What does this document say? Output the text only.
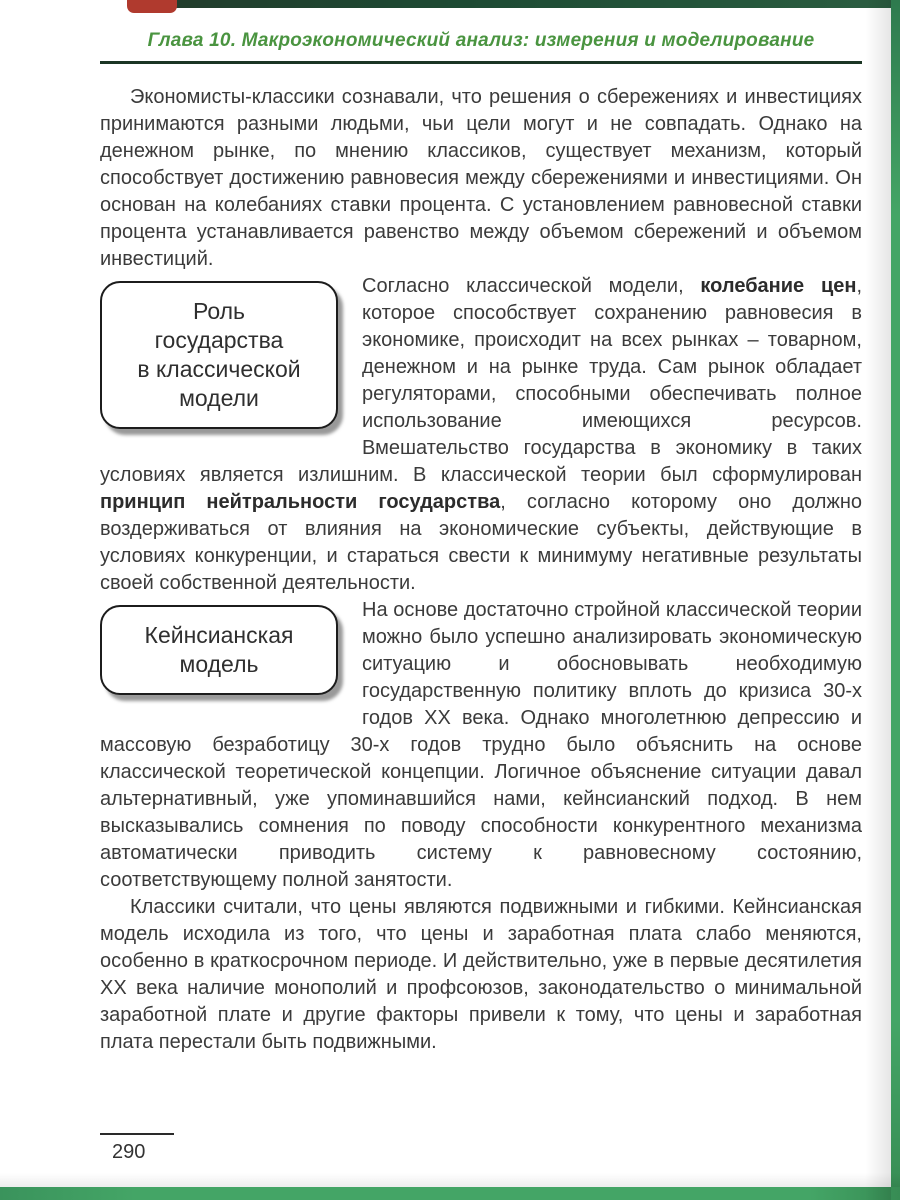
Глава 10. Макроэкономический анализ: измерения и моделирование

Экономисты-классики сознавали, что решения о сбережениях и инвестициях принимаются разными людьми, чьи цели могут и не совпадать. Однако на денежном рынке, по мнению классиков, существует механизм, который способствует достижению равновесия между сбережениями и инвестициями. Он основан на колебаниях ставки процента. С установлением равновесной ставки процента устанавливается равенство между объемом сбережений и объемом инвестиций.

Роль
государства
в классической
модели
Согласно классической модели, колебание цен, которое способствует сохранению равновесия в экономике, происходит на всех рынках – товарном, денежном и на рынке труда. Сам рынок обладает регуляторами, способными обеспечивать полное использование имеющихся ресурсов. Вмешательство государства в экономику в таких условиях является излишним. В классической теории был сформулирован принцип нейтральности государства, согласно которому оно должно воздерживаться от влияния на экономические субъекты, действующие в условиях конкуренции, и стараться свести к минимуму негативные результаты своей собственной деятельности.
Кейнсианская
модель
На основе достаточно стройной классической теории можно было успешно анализировать экономическую ситуацию и обосновывать необходимую государственную политику вплоть до кризиса 30-х годов XX века. Однако многолетнюю депрессию и массовую безработицу 30-х годов трудно было объяснить на основе классической теоретической концепции. Логичное объяснение ситуации давал альтернативный, уже упоминавшийся нами, кейнсианский подход. В нем высказывались сомнения по поводу способности конкурентного механизма автоматически приводить систему к равновесному состоянию, соответствующему полной занятости.

Классики считали, что цены являются подвижными и гибкими. Кейнсианская модель исходила из того, что цены и заработная плата слабо меняются, особенно в краткосрочном периоде. И действительно, уже в первые десятилетия XX века наличие монополий и профсоюзов, законодательство о минимальной заработной плате и другие факторы привели к тому, что цены и заработная плата перестали быть подвижными.

290
